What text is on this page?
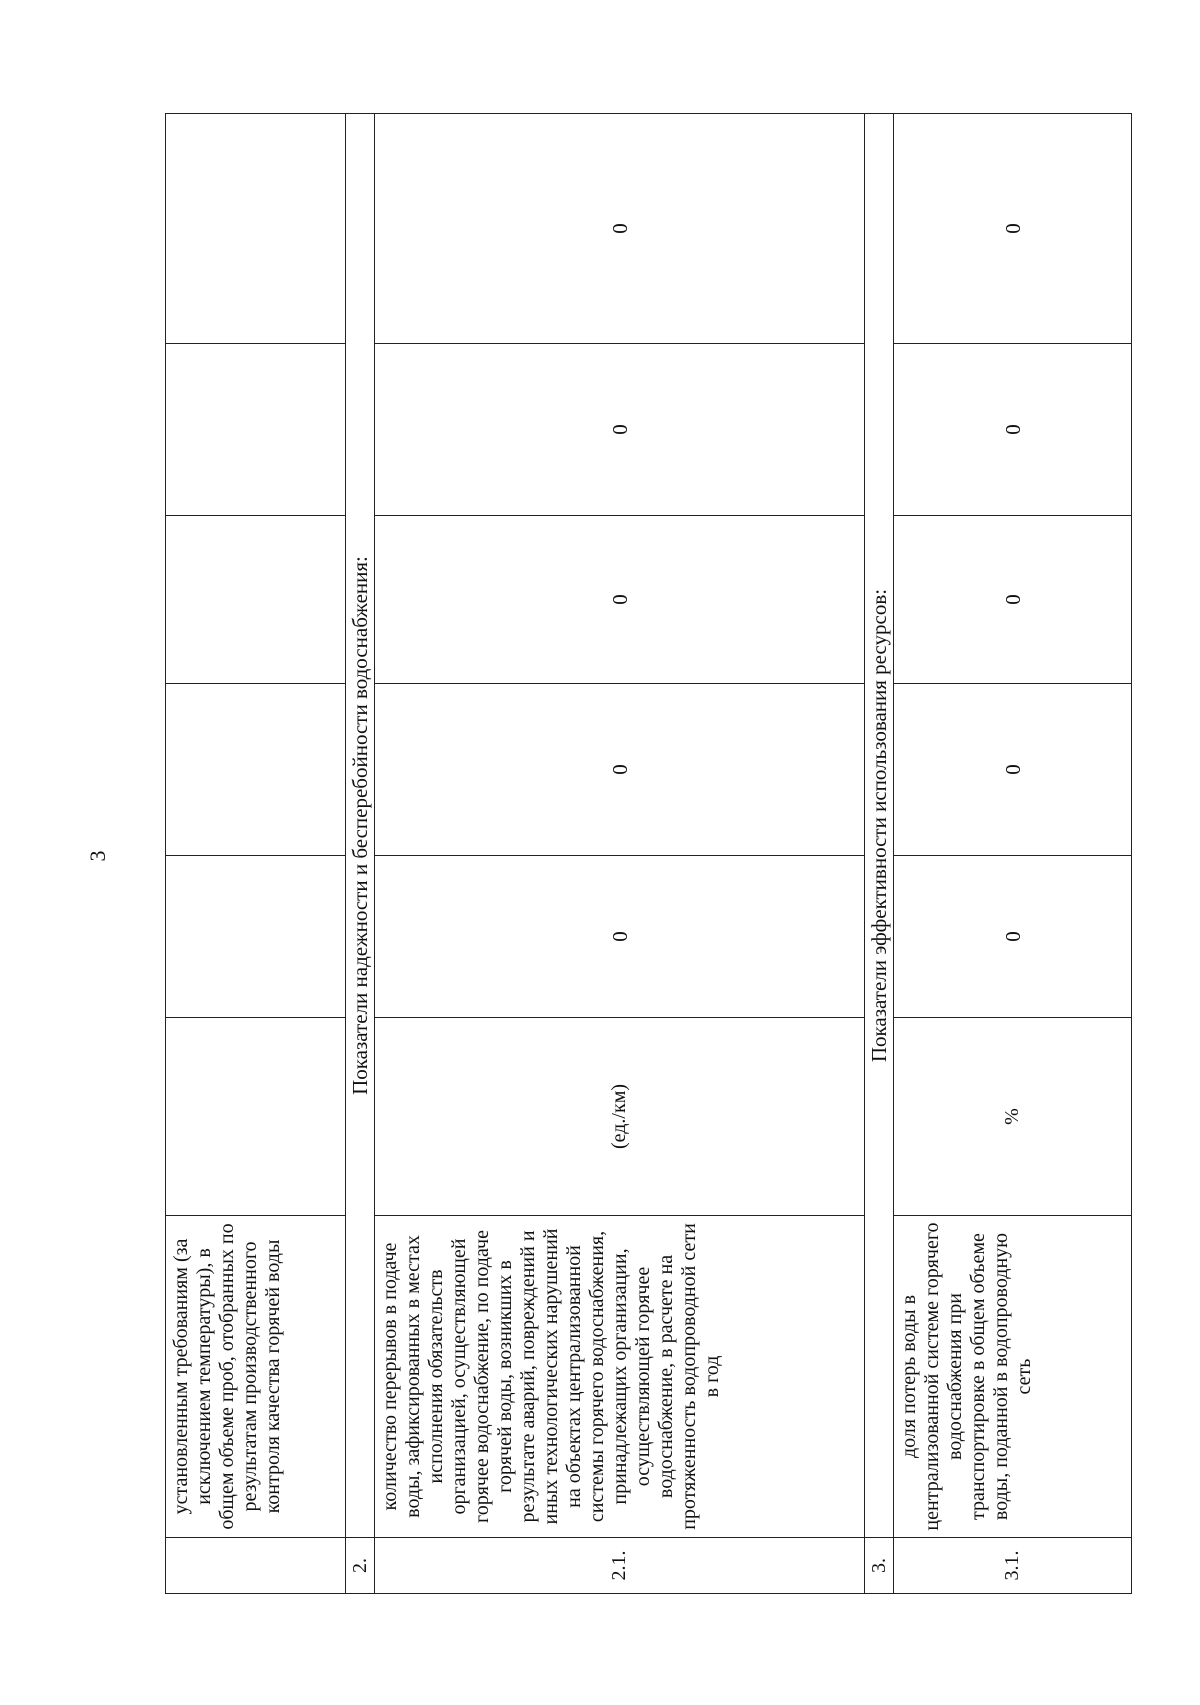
3
	установленным требованиям (за исключением температуры), в общем объеме проб, отобранных по результатам производственного контроля качества горячей воды						
2.	Показатели надежности и бесперебойности водоснабжения:						
2.1.	количество перерывов в подаче воды, зафиксированных в местах исполнения обязательств организацией, осуществляющей горячее водоснабжение, по подаче горячей воды, возникших в результате аварий, повреждений и иных технологических нарушений на объектах централизованной системы горячего водоснабжения, принадлежащих организации, осуществляющей горячее водоснабжение, в расчете на протяженность водопроводной сети в год	(ед./км)	0	0	0	0	0
3.	Показатели эффективности использования ресурсов:						
3.1.	доля потерь воды в централизованной системе горячего водоснабжения при транспортировке в общем объеме воды, поданной в водопроводную сеть	%	0	0	0	0	0
